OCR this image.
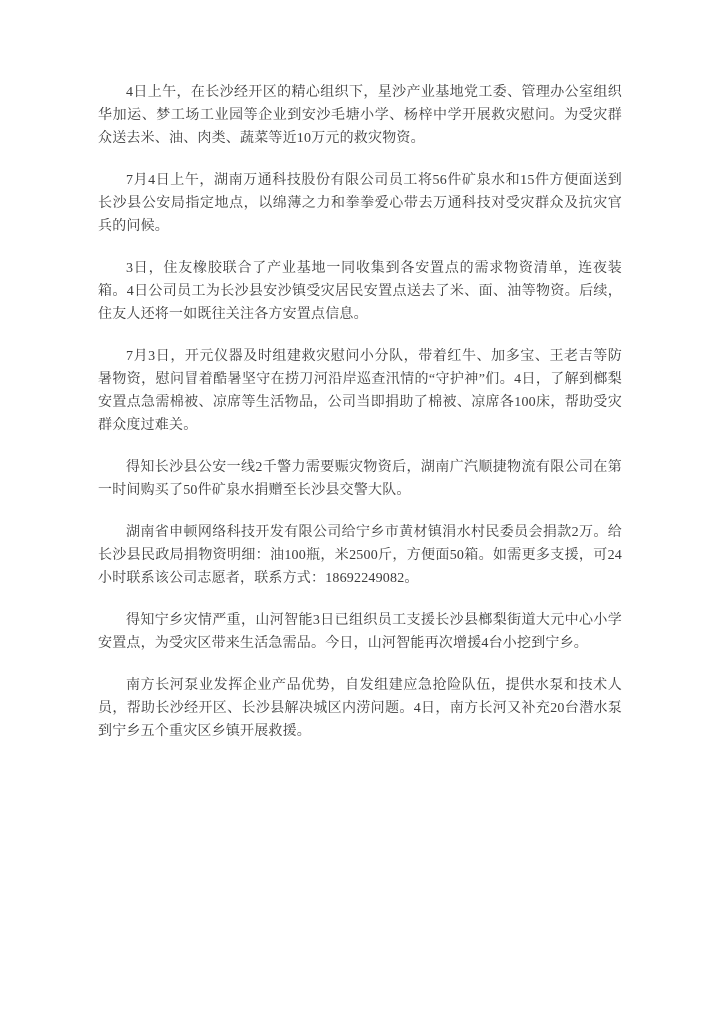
4日上午，在长沙经开区的精心组织下，星沙产业基地党工委、管理办公室组织华加运、梦工场工业园等企业到安沙毛塘小学、杨梓中学开展救灾慰问。为受灾群众送去米、油、肉类、蔬菜等近10万元的救灾物资。

7月4日上午，湖南万通科技股份有限公司员工将56件矿泉水和15件方便面送到长沙县公安局指定地点，以绵薄之力和拳拳爱心带去万通科技对受灾群众及抗灾官兵的问候。

3日，住友橡胶联合了产业基地一同收集到各安置点的需求物资清单，连夜装箱。4日公司员工为长沙县安沙镇受灾居民安置点送去了米、面、油等物资。后续，住友人还将一如既往关注各方安置点信息。

7月3日，开元仪器及时组建救灾慰问小分队，带着红牛、加多宝、王老吉等防暑物资，慰问冒着酷暑坚守在捞刀河沿岸巡查汛情的“守护神”们。4日，了解到榔梨安置点急需棉被、凉席等生活物品，公司当即捐助了棉被、凉席各100床，帮助受灾群众度过难关。

得知长沙县公安一线2千警力需要赈灾物资后，湖南广汽顺捷物流有限公司在第一时间购买了50件矿泉水捐赠至长沙县交警大队。

湖南省申顿网络科技开发有限公司给宁乡市黄材镇涓水村民委员会捐款2万。给长沙县民政局捐物资明细：油100瓶，米2500斤，方便面50箱。如需更多支援，可24小时联系该公司志愿者，联系方式：18692249082。

得知宁乡灾情严重，山河智能3日已组织员工支援长沙县榔梨街道大元中心小学安置点，为受灾区带来生活急需品。今日，山河智能再次增援4台小挖到宁乡。

南方长河泵业发挥企业产品优势，自发组建应急抢险队伍，提供水泵和技术人员，帮助长沙经开区、长沙县解决城区内涝问题。4日，南方长河又补充20台潜水泵到宁乡五个重灾区乡镇开展救援。
